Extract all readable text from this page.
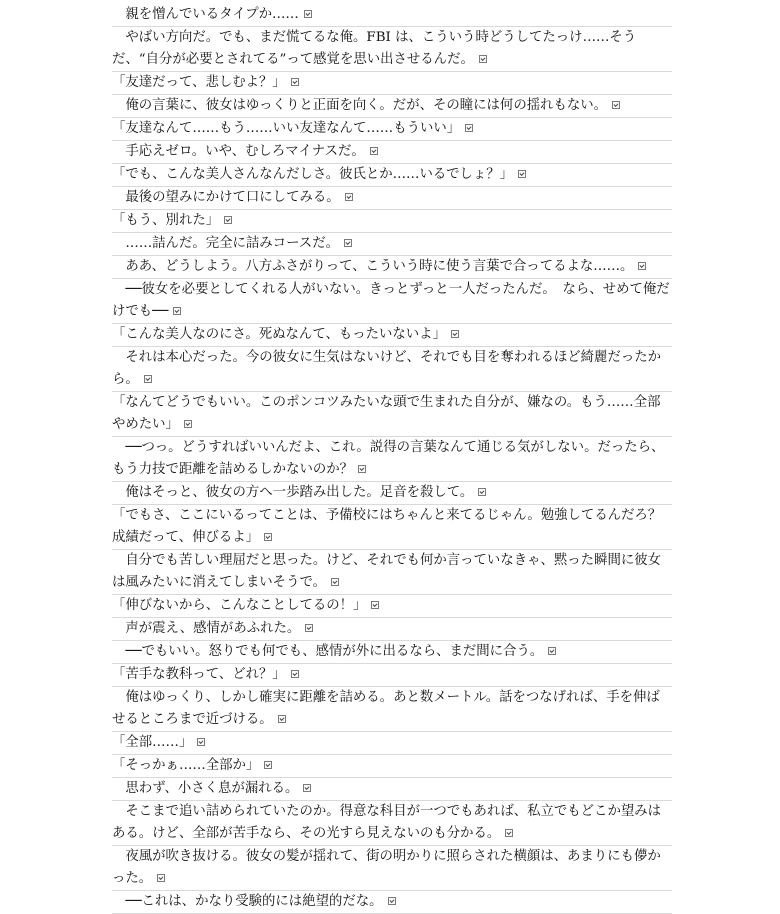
　親を憎んでいるタイプか……

　やばい方向だ。でも、まだ慌てるな俺。FBI は、こういう時どうしてたっけ……そうだ、“自分が必要とされてる”って感覚を思い出させるんだ。

「友達だって、悲しむよ？」

　俺の言葉に、彼女はゆっくりと正面を向く。だが、その瞳には何の揺れもない。

「友達なんて……もう……いい友達なんて……もういい」

　手応えゼロ。いや、むしろマイナスだ。

「でも、こんな美人さんなんだしさ。彼氏とか……いるでしょ？」

　最後の望みにかけて口にしてみる。

「もう、別れた」

　……詰んだ。完全に詰みコースだ。

　ああ、どうしよう。八方ふさがりって、こういう時に使う言葉で合ってるよな……。

　──彼女を必要としてくれる人がいない。きっとずっと一人だったんだ。　なら、せめて俺だけでも──

「こんな美人なのにさ。死ぬなんて、もったいないよ」

　それは本心だった。今の彼女に生気はないけど、それでも目を奪われるほど綺麗だったから。

「なんてどうでもいい。このポンコツみたいな頭で生まれた自分が、嫌なの。もう……全部やめたい」

　──つっ。どうすればいいんだよ、これ。説得の言葉なんて通じる気がしない。だったら、もう力技で距離を詰めるしかないのか？

　俺はそっと、彼女の方へ一歩踏み出した。足音を殺して。

「でもさ、ここにいるってことは、予備校にはちゃんと来てるじゃん。勉強してるんだろ？　成績だって、伸びるよ」

　自分でも苦しい理屈だと思った。けど、それでも何か言っていなきゃ、黙った瞬間に彼女は風みたいに消えてしまいそうで。

「伸びないから、こんなことしてるの！」

　声が震え、感情があふれた。

　──でもいい。怒りでも何でも、感情が外に出るなら、まだ間に合う。

「苦手な教科って、どれ？」

　俺はゆっくり、しかし確実に距離を詰める。あと数メートル。話をつなげれば、手を伸ばせるところまで近づける。

「全部……」

「そっかぁ……全部か」

　思わず、小さく息が漏れる。

　そこまで追い詰められていたのか。得意な科目が一つでもあれば、私立でもどこか望みはある。けど、全部が苦手なら、その光すら見えないのも分かる。

　夜風が吹き抜ける。彼女の髪が揺れて、街の明かりに照らされた横顔は、あまりにも儚かった。

　──これは、かなり受験的には絶望的だな。
